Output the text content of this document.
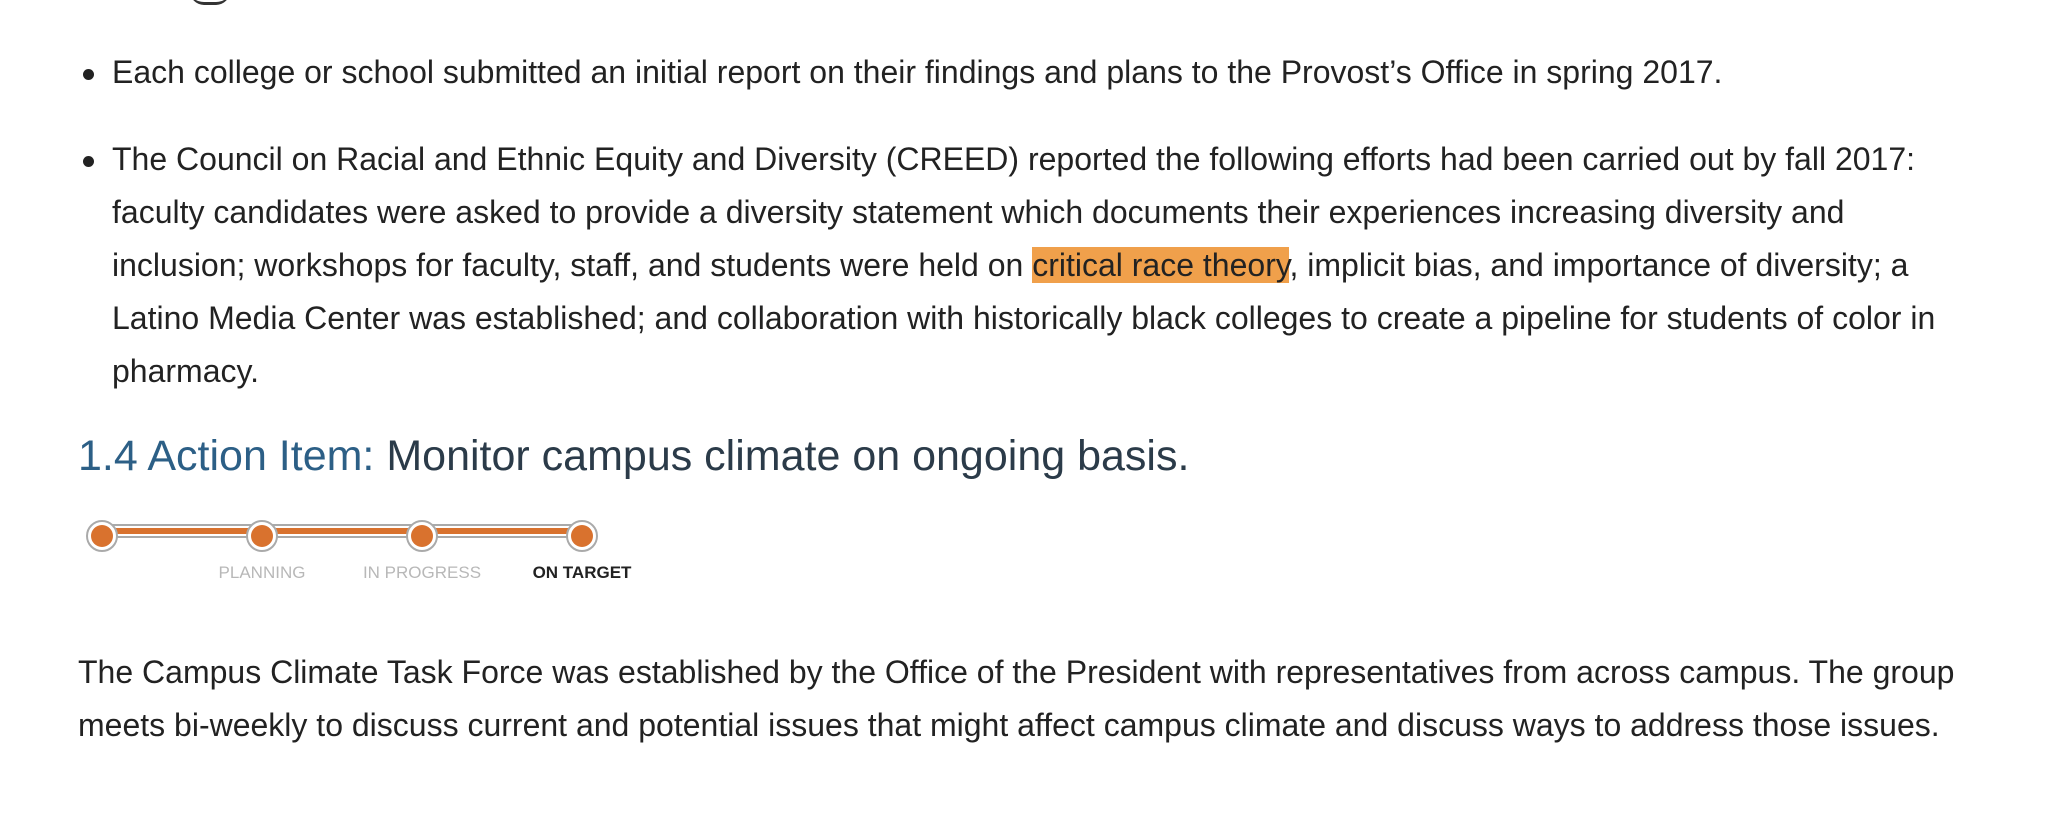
Each college or school submitted an initial report on their findings and plans to the Provost’s Office in spring 2017.
The Council on Racial and Ethnic Equity and Diversity (CREED) reported the following efforts had been carried out by fall 2017: faculty candidates were asked to provide a diversity statement which documents their experiences increasing diversity and inclusion; workshops for faculty, staff, and students were held on critical race theory, implicit bias, and importance of diversity; a Latino Media Center was established; and collaboration with historically black colleges to create a pipeline for students of color in pharmacy.
1.4 Action Item: Monitor campus climate on ongoing basis.
PLANNING	IN PROGRESS	ON TARGET

The Campus Climate Task Force was established by the Office of the President with representatives from across campus. The group meets bi-weekly to discuss current and potential issues that might affect campus climate and discuss ways to address those issues.
